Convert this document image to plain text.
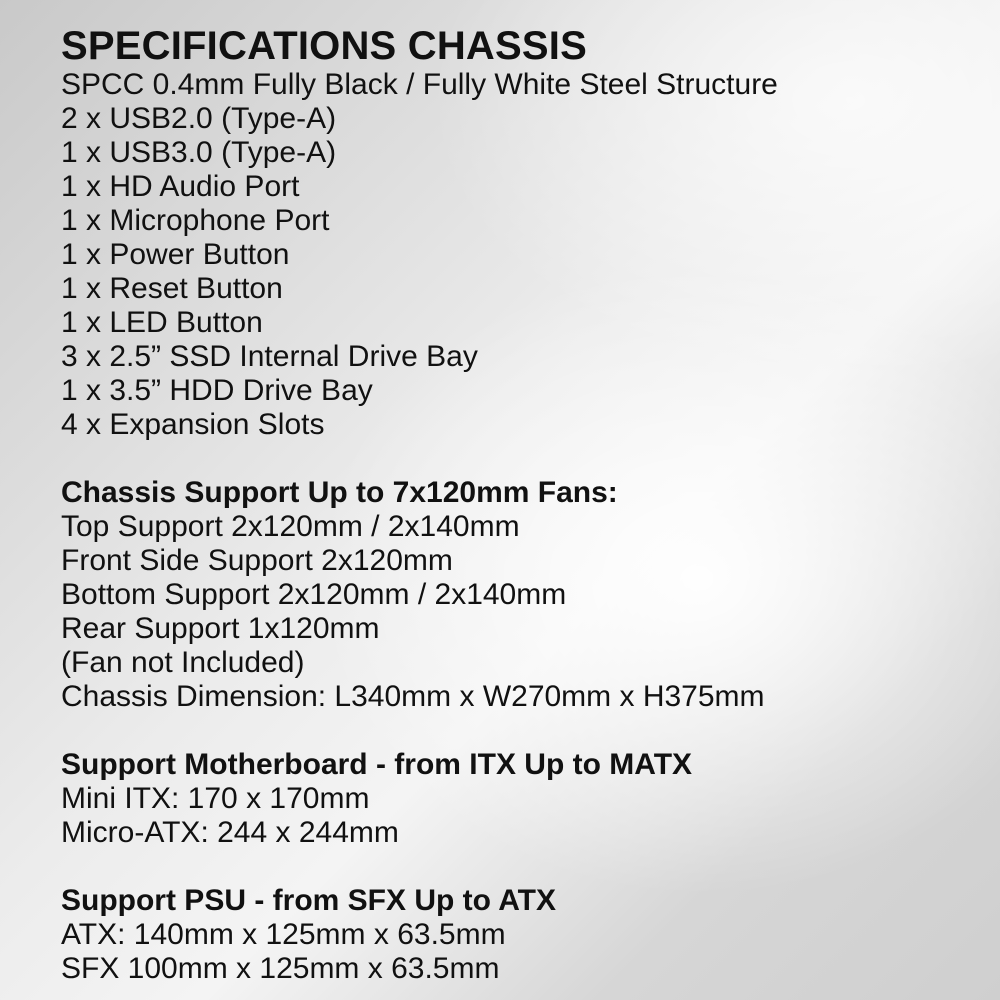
SPECIFICATIONS CHASSIS

SPCC 0.4mm Fully Black / Fully White Steel Structure

2 x USB2.0 (Type-A)

1 x USB3.0 (Type-A)

1 x HD Audio Port

1 x Microphone Port

1 x Power Button

1 x Reset Button

1 x LED Button

3 x 2.5” SSD Internal Drive Bay

1 x 3.5” HDD Drive Bay

4 x Expansion Slots

Chassis Support Up to 7x120mm Fans:

Top Support 2x120mm / 2x140mm

Front Side Support 2x120mm

Bottom Support 2x120mm / 2x140mm

Rear Support 1x120mm

(Fan not Included)

Chassis Dimension: L340mm x W270mm x H375mm

Support Motherboard - from ITX Up to MATX

Mini ITX: 170 x 170mm

Micro-ATX: 244 x 244mm

Support PSU - from SFX Up to ATX

ATX: 140mm x 125mm x 63.5mm

SFX 100mm x 125mm x 63.5mm
